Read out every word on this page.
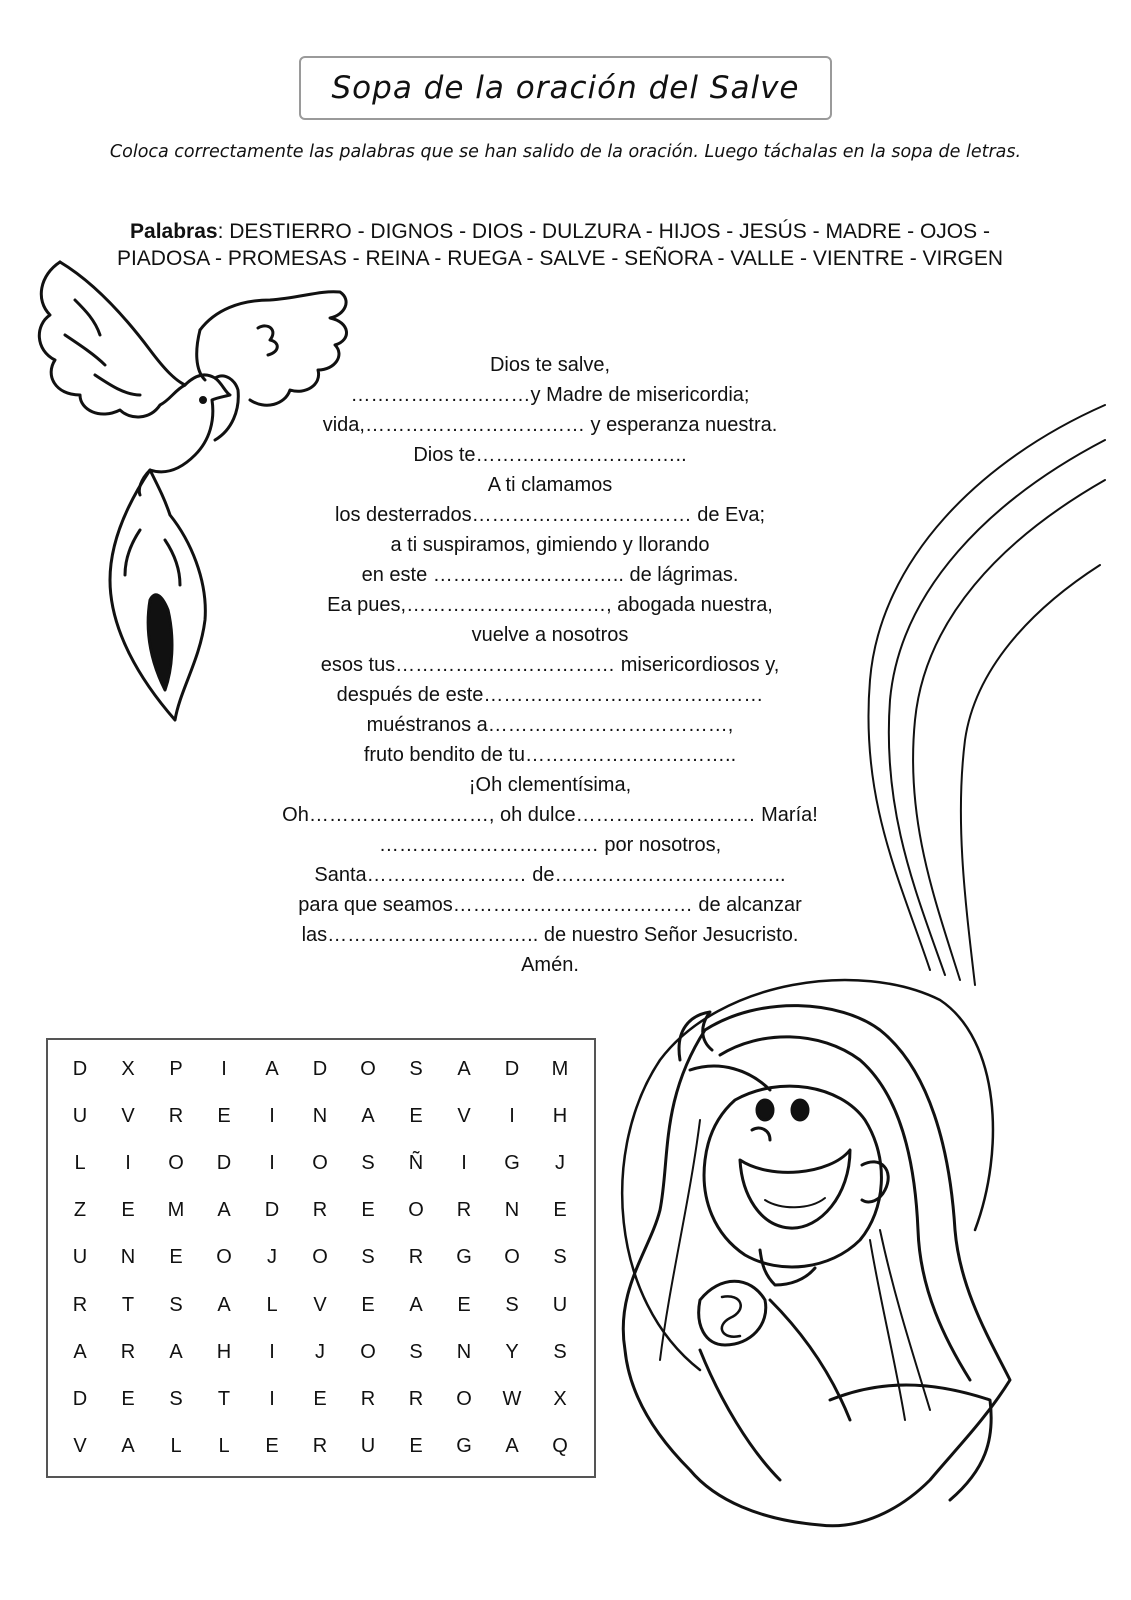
Sopa de la oración del Salve
Coloca correctamente las palabras que se han salido de la oración. Luego táchalas en la sopa de letras.
Palabras: DESTIERRO - DIGNOS - DIOS - DULZURA - HIJOS - JESÚS - MADRE - OJOS -
PIADOSA - PROMESAS - REINA - RUEGA - SALVE - SEÑORA - VALLE - VIENTRE - VIRGEN
Dios te salve,
………………………y Madre de misericordia;
vida,…………………………… y esperanza nuestra.
Dios te…………………………..
A ti clamamos
los desterrados…………………………… de Eva;
a ti suspiramos, gimiendo y llorando
en este ……………………….. de lágrimas.
Ea pues,…………………………, abogada nuestra,
vuelve a nosotros
esos tus…………………………… misericordiosos y,
después de este……………………………………
muéstranos a………………………………,
fruto bendito de tu…………………………..
¡Oh clementísima,
Oh………………………, oh dulce……………………… María!
…………………………… por nosotros,
Santa…………………… de……………………………..
para que seamos……………………………… de alcanzar
las………………………….. de nuestro Señor Jesucristo.
Amén.
D	X	P	I	A	D	O	S	A	D	M
U	V	R	E	I	N	A	E	V	I	H
L	I	O	D	I	O	S	Ñ	I	G	J
Z	E	M	A	D	R	E	O	R	N	E
U	N	E	O	J	O	S	R	G	O	S
R	T	S	A	L	V	E	A	E	S	U
A	R	A	H	I	J	O	S	N	Y	S
D	E	S	T	I	E	R	R	O	W	X
V	A	L	L	E	R	U	E	G	A	Q
